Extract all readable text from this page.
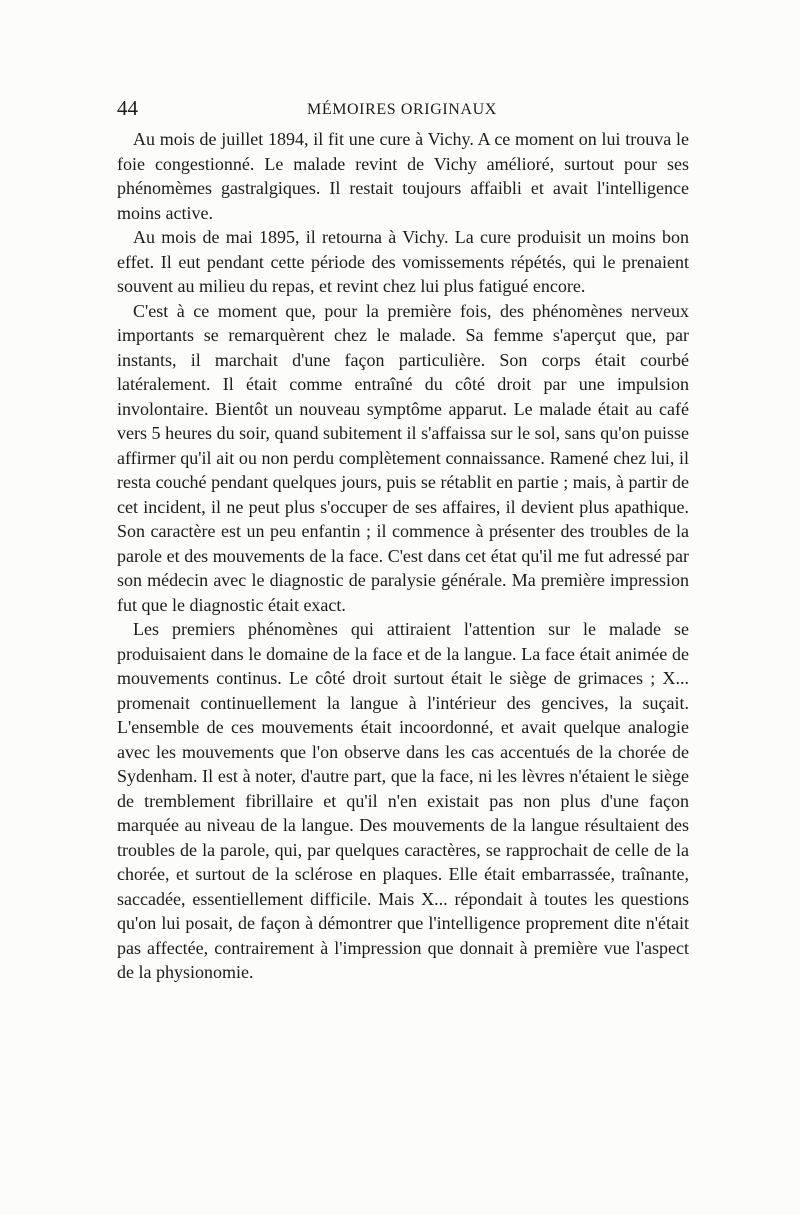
44	MÉMOIRES ORIGINAUX

Au mois de juillet 1894, il fit une cure à Vichy. A ce moment on lui trouva le foie congestionné. Le malade revint de Vichy amélioré, surtout pour ses phénomèmes gastralgiques. Il restait toujours affaibli et avait l'intelligence moins active.

Au mois de mai 1895, il retourna à Vichy. La cure produisit un moins bon effet. Il eut pendant cette période des vomissements répétés, qui le prenaient souvent au milieu du repas, et revint chez lui plus fatigué encore.

C'est à ce moment que, pour la première fois, des phénomènes nerveux importants se remarquèrent chez le malade. Sa femme s'aperçut que, par instants, il marchait d'une façon particulière. Son corps était courbé latéralement. Il était comme entraîné du côté droit par une impulsion involontaire. Bientôt un nouveau symptôme apparut. Le malade était au café vers 5 heures du soir, quand subitement il s'affaissa sur le sol, sans qu'on puisse affirmer qu'il ait ou non perdu complètement connaissance. Ramené chez lui, il resta couché pendant quelques jours, puis se rétablit en partie ; mais, à partir de cet incident, il ne peut plus s'occuper de ses affaires, il devient plus apathique. Son caractère est un peu enfantin ; il commence à présenter des troubles de la parole et des mouvements de la face. C'est dans cet état qu'il me fut adressé par son médecin avec le diagnostic de paralysie générale. Ma première impression fut que le diagnostic était exact.

Les premiers phénomènes qui attiraient l'attention sur le malade se produisaient dans le domaine de la face et de la langue. La face était animée de mouvements continus. Le côté droit surtout était le siège de grimaces ; X... promenait continuellement la langue à l'intérieur des gencives, la suçait. L'ensemble de ces mouvements était incoordonné, et avait quelque analogie avec les mouvements que l'on observe dans les cas accentués de la chorée de Sydenham. Il est à noter, d'autre part, que la face, ni les lèvres n'étaient le siège de tremblement fibrillaire et qu'il n'en existait pas non plus d'une façon marquée au niveau de la langue. Des mouvements de la langue résultaient des troubles de la parole, qui, par quelques caractères, se rapprochait de celle de la chorée, et surtout de la sclérose en plaques. Elle était embarrassée, traînante, saccadée, essentiellement difficile. Mais X... répondait à toutes les questions qu'on lui posait, de façon à démontrer que l'intelligence proprement dite n'était pas affectée, contrairement à l'impression que donnait à première vue l'aspect de la physionomie.
